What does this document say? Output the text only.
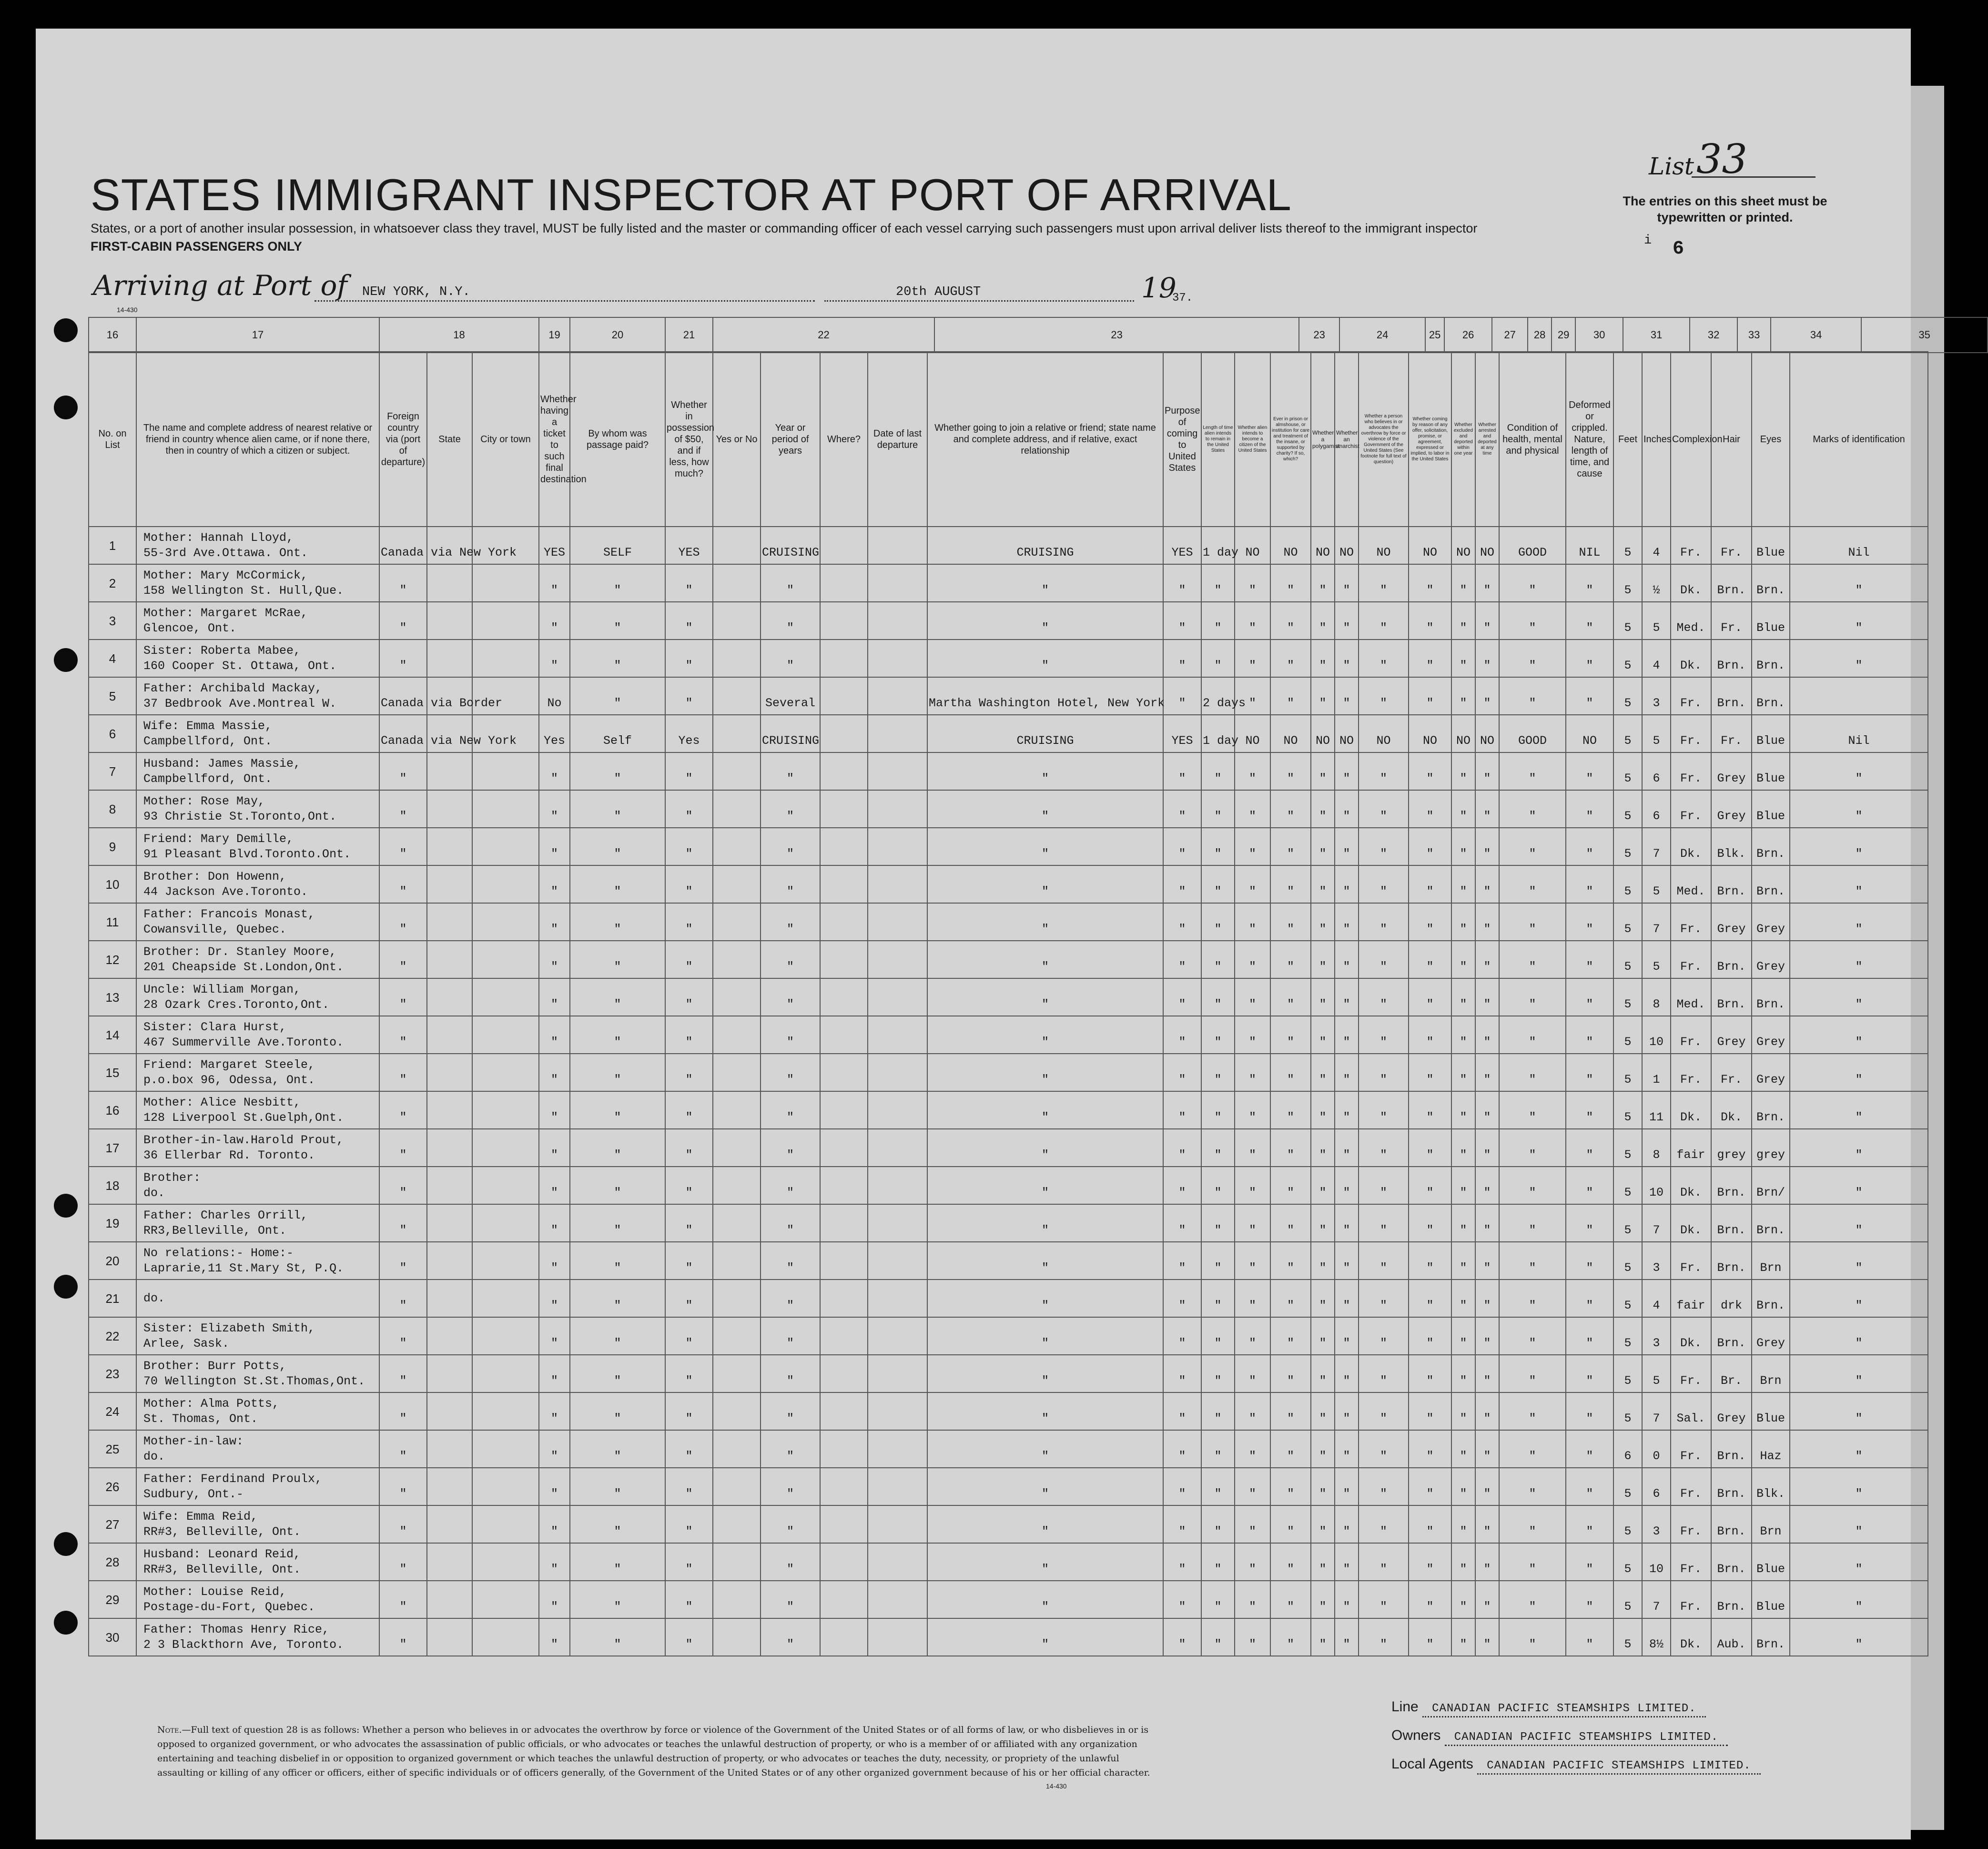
STATES IMMIGRANT INSPECTOR AT PORT OF ARRIVAL
States, or a port of another insular possession, in whatsoever class they travel, MUST be fully listed and the master or commanding officer of each vessel carrying such passengers must upon arrival deliver lists thereof to the immigrant inspector
FIRST-CABIN PASSENGERS ONLY
Arriving at Port of NEW YORK, N.Y.	20th AUGUST	19
37.
List 33
The entries on this sheet must be typewritten or printed.
i 6
14-430
16	17	18	19	20	21	22	23	23	24	25	26	27	28	29	30	31	32	33	34	35		
No. on List	The name and complete address of nearest relative or friend in country whence alien came, or if none there, then in country of which a citizen or subject.	Foreign country via (port of departure)	State	City or town	Whether having a ticket to such final destination	By whom was passage paid?	Whether in possession of $50, and if less, how much?	Yes or No	Year or period of years	Where?	Date of last departure	Whether going to join a relative or friend; state name and complete address, and if relative, exact relationship	Purpose of coming to United States	Length of time alien intends to remain in the United States	Whether alien intends to become a citizen of the United States	Ever in prison or almshouse, or institution for care and treatment of the insane, or supported by charity? If so, which?	Whether a polygamist	Whether an anarchist	Whether a person who believes in or advocates the overthrow by force or violence of the Government of the United States (See footnote for full text of question)	Whether coming by reason of any offer, solicitation, promise, or agreement, expressed or implied, to labor in the United States	Whether excluded and deported within one year	Whether arrested and deported at any time	Condition of health, mental and physical	Deformed or crippled. Nature, length of time, and cause	Feet	Inches	Complexion	Hair	Eyes	Marks of identification
1	Mother: Hannah Lloyd,
55-3rd Ave.Ottawa. Ont.	Canada via New York			YES	SELF	YES		CRUISING			CRUISING	YES	1 day	NO	NO	NO	NO	NO	NO	NO	NO	GOOD	NIL	5	4	Fr.	Fr.	Blue	Nil
2	Mother: Mary McCormick,
158 Wellington St. Hull,Que.	"			"	"	"		"			"	"	"	"	"	"	"	"	"	"	"	"	"	5	½	Dk.	Brn.	Brn.	"
3	Mother: Margaret McRae,
Glencoe, Ont.	"			"	"	"		"			"	"	"	"	"	"	"	"	"	"	"	"	"	5	5	Med.	Fr.	Blue	"
4	Sister: Roberta Mabee,
160 Cooper St. Ottawa, Ont.	"			"	"	"		"			"	"	"	"	"	"	"	"	"	"	"	"	"	5	4	Dk.	Brn.	Brn.	"
5	Father: Archibald Mackay,
37 Bedbrook Ave.Montreal W.	Canada via Border			No	"	"		Several			Martha Washington Hotel, New York	"	2 days	"	"	"	"	"	"	"	"	"	"	5	3	Fr.	Brn.	Brn.	
6	Wife: Emma Massie,
Campbellford, Ont.	Canada via New York			Yes	Self	Yes		CRUISING			CRUISING	YES	1 day	NO	NO	NO	NO	NO	NO	NO	NO	GOOD	NO	5	5	Fr.	Fr.	Blue	Nil
7	Husband: James Massie,
Campbellford, Ont.	"			"	"	"		"			"	"	"	"	"	"	"	"	"	"	"	"	"	5	6	Fr.	Grey	Blue	"
8	Mother: Rose May,
93 Christie St.Toronto,Ont.	"			"	"	"		"			"	"	"	"	"	"	"	"	"	"	"	"	"	5	6	Fr.	Grey	Blue	"
9	Friend: Mary Demille,
91 Pleasant Blvd.Toronto.Ont.	"			"	"	"		"			"	"	"	"	"	"	"	"	"	"	"	"	"	5	7	Dk.	Blk.	Brn.	"
10	Brother: Don Howenn,
44 Jackson Ave.Toronto.	"			"	"	"		"			"	"	"	"	"	"	"	"	"	"	"	"	"	5	5	Med.	Brn.	Brn.	"
11	Father: Francois Monast,
Cowansville, Quebec.	"			"	"	"		"			"	"	"	"	"	"	"	"	"	"	"	"	"	5	7	Fr.	Grey	Grey	"
12	Brother: Dr. Stanley Moore,
201 Cheapside St.London,Ont.	"			"	"	"		"			"	"	"	"	"	"	"	"	"	"	"	"	"	5	5	Fr.	Brn.	Grey	"
13	Uncle: William Morgan,
28 Ozark Cres.Toronto,Ont.	"			"	"	"		"			"	"	"	"	"	"	"	"	"	"	"	"	"	5	8	Med.	Brn.	Brn.	"
14	Sister: Clara Hurst,
467 Summerville Ave.Toronto.	"			"	"	"		"			"	"	"	"	"	"	"	"	"	"	"	"	"	5	10	Fr.	Grey	Grey	"
15	Friend: Margaret Steele,
p.o.box 96, Odessa, Ont.	"			"	"	"		"			"	"	"	"	"	"	"	"	"	"	"	"	"	5	1	Fr.	Fr.	Grey	"
16	Mother: Alice Nesbitt,
128 Liverpool St.Guelph,Ont.	"			"	"	"		"			"	"	"	"	"	"	"	"	"	"	"	"	"	5	11	Dk.	Dk.	Brn.	"
17	Brother-in-law.Harold Prout,
36 Ellerbar Rd. Toronto.	"			"	"	"		"			"	"	"	"	"	"	"	"	"	"	"	"	"	5	8	fair	grey	grey	"
18	Brother:
do.	"			"	"	"		"			"	"	"	"	"	"	"	"	"	"	"	"	"	5	10	Dk.	Brn.	Brn/	"
19	Father: Charles Orrill,
RR3,Belleville, Ont.	"			"	"	"		"			"	"	"	"	"	"	"	"	"	"	"	"	"	5	7	Dk.	Brn.	Brn.	"
20	No relations:- Home:-
Laprarie,11 St.Mary St, P.Q.	"			"	"	"		"			"	"	"	"	"	"	"	"	"	"	"	"	"	5	3	Fr.	Brn.	Brn	"
21	do.	"			"	"	"		"			"	"	"	"	"	"	"	"	"	"	"	"	"	5	4	fair	drk	Brn.	"
22	Sister: Elizabeth Smith,
Arlee, Sask.	"			"	"	"		"			"	"	"	"	"	"	"	"	"	"	"	"	"	5	3	Dk.	Brn.	Grey	"
23	Brother: Burr Potts,
70 Wellington St.St.Thomas,Ont.	"			"	"	"		"			"	"	"	"	"	"	"	"	"	"	"	"	"	5	5	Fr.	Br.	Brn	"
24	Mother: Alma Potts,
St. Thomas, Ont.	"			"	"	"		"			"	"	"	"	"	"	"	"	"	"	"	"	"	5	7	Sal.	Grey	Blue	"
25	Mother-in-law:
do.	"			"	"	"		"			"	"	"	"	"	"	"	"	"	"	"	"	"	6	0	Fr.	Brn.	Haz	"
26	Father: Ferdinand Proulx,
Sudbury, Ont.-	"			"	"	"		"			"	"	"	"	"	"	"	"	"	"	"	"	"	5	6	Fr.	Brn.	Blk.	"
27	Wife: Emma Reid,
RR#3, Belleville, Ont.	"			"	"	"		"			"	"	"	"	"	"	"	"	"	"	"	"	"	5	3	Fr.	Brn.	Brn	"
28	Husband: Leonard Reid,
RR#3, Belleville, Ont.	"			"	"	"		"			"	"	"	"	"	"	"	"	"	"	"	"	"	5	10	Fr.	Brn.	Blue	"
29	Mother: Louise Reid,
Postage-du-Fort, Quebec.	"			"	"	"		"			"	"	"	"	"	"	"	"	"	"	"	"	"	5	7	Fr.	Brn.	Blue	"
30	Father: Thomas Henry Rice,
2 3 Blackthorn Ave, Toronto.	"			"	"	"		"			"	"	"	"	"	"	"	"	"	"	"	"	"	5	8½	Dk.	Aub.	Brn.	"
Note.—Full text of question 28 is as follows: Whether a person who believes in or advocates the overthrow by force or violence of the Government of the United States or of all forms of law, or who disbelieves in or is opposed to organized government, or who advocates the assassination of public officials, or who advocates or teaches the unlawful destruction of property, or who is a member of or affiliated with any organization entertaining and teaching disbelief in or opposition to organized government or which teaches the unlawful destruction of property, or who advocates or teaches the duty, necessity, or propriety of the unlawful assaulting or killing of any officer or officers, either of specific individuals or of officers generally, of the Government of the United States or of any other organized government because of his or her official character.
14-430
Line CANADIAN PACIFIC STEAMSHIPS LIMITED.
Owners CANADIAN PACIFIC STEAMSHIPS LIMITED.
Local Agents CANADIAN PACIFIC STEAMSHIPS LIMITED.
